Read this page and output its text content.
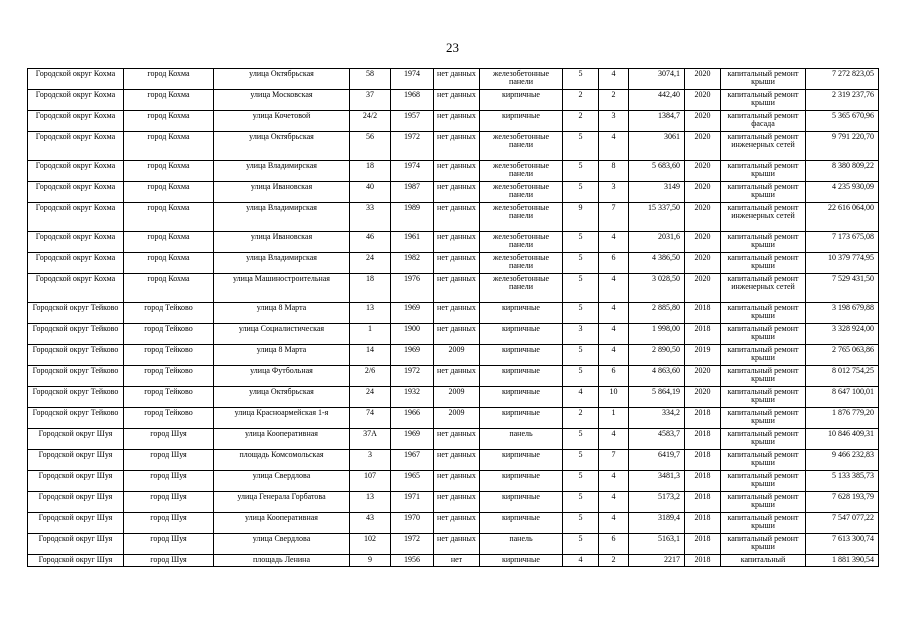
23
Городской округ Кохма	город Кохма	улица Октябрьская	58	1974	нет данных	железобетонные панели	5	4	3074,1	2020	капитальный ремонт крыши	7 272 823,05
Городской округ Кохма	город Кохма	улица Московская	37	1968	нет данных	кирпичные	2	2	442,40	2020	капитальный ремонт крыши	2 319 237,76
Городской округ Кохма	город Кохма	улица Кочетовой	24/2	1957	нет данных	кирпичные	2	3	1384,7	2020	капитальный ремонт фасада	5 365 670,96
Городской округ Кохма	город Кохма	улица Октябрьская	56	1972	нет данных	железобетонные панели	5	4	3061	2020	капитальный ремонт инженерных сетей	9 791 220,70
Городской округ Кохма	город Кохма	улица Владимирская	18	1974	нет данных	железобетонные панели	5	8	5 683,60	2020	капитальный ремонт крыши	8 380 809,22
Городской округ Кохма	город Кохма	улица Ивановская	40	1987	нет данных	железобетонные панели	5	3	3149	2020	капитальный ремонт крыши	4 235 930,09
Городской округ Кохма	город Кохма	улица Владимирская	33	1989	нет данных	железобетонные панели	9	7	15 337,50	2020	капитальный ремонт инженерных сетей	22 616 064,00
Городской округ Кохма	город Кохма	улица Ивановская	46	1961	нет данных	железобетонные панели	5	4	2031,6	2020	капитальный ремонт крыши	7 173 675,08
Городской округ Кохма	город Кохма	улица Владимирская	24	1982	нет данных	железобетонные панели	5	6	4 386,50	2020	капитальный ремонт крыши	10 379 774,95
Городской округ Кохма	город Кохма	улица Машиностроительная	18	1976	нет данных	железобетонные панели	5	4	3 028,50	2020	капитальный ремонт инженерных сетей	7 529 431,50
Городской округ Тейково	город Тейково	улица 8 Марта	13	1969	нет данных	кирпичные	5	4	2 885,80	2018	капитальный ремонт крыши	3 198 679,88
Городской округ Тейково	город Тейково	улица Социалистическая	1	1900	нет данных	кирпичные	3	4	1 998,00	2018	капитальный ремонт крыши	3 328 924,00
Городской округ Тейково	город Тейково	улица 8 Марта	14	1969	2009	кирпичные	5	4	2 890,50	2019	капитальный ремонт крыши	2 765 063,86
Городской округ Тейково	город Тейково	улица Футбольная	2/6	1972	нет данных	кирпичные	5	6	4 863,60	2020	капитальный ремонт крыши	8 012 754,25
Городской округ Тейково	город Тейково	улица Октябрьская	24	1932	2009	кирпичные	4	10	5 864,19	2020	капитальный ремонт крыши	8 647 100,01
Городской округ Тейково	город Тейково	улица Красноармейская 1-я	74	1966	2009	кирпичные	2	1	334,2	2018	капитальный ремонт крыши	1 876 779,20
Городской округ Шуя	город Шуя	улица Кооперативная	37А	1969	нет данных	панель	5	4	4583,7	2018	капитальный ремонт крыши	10 846 409,31
Городской округ Шуя	город Шуя	площадь Комсомольская	3	1967	нет данных	кирпичные	5	7	6419,7	2018	капитальный ремонт крыши	9 466 232,83
Городской округ Шуя	город Шуя	улица Свердлова	107	1965	нет данных	кирпичные	5	4	3481,3	2018	капитальный ремонт крыши	5 133 385,73
Городской округ Шуя	город Шуя	улица Генерала Горбатова	13	1971	нет данных	кирпичные	5	4	5173,2	2018	капитальный ремонт крыши	7 628 193,79
Городской округ Шуя	город Шуя	улица Кооперативная	43	1970	нет данных	кирпичные	5	4	3189,4	2018	капитальный ремонт крыши	7 547 077,22
Городской округ Шуя	город Шуя	улица Свердлова	102	1972	нет данных	панель	5	6	5163,1	2018	капитальный ремонт крыши	7 613 300,74
Городской округ Шуя	город Шуя	площадь Ленина	9	1956	нет	кирпичные	4	2	2217	2018	капитальный	1 881 390,54
